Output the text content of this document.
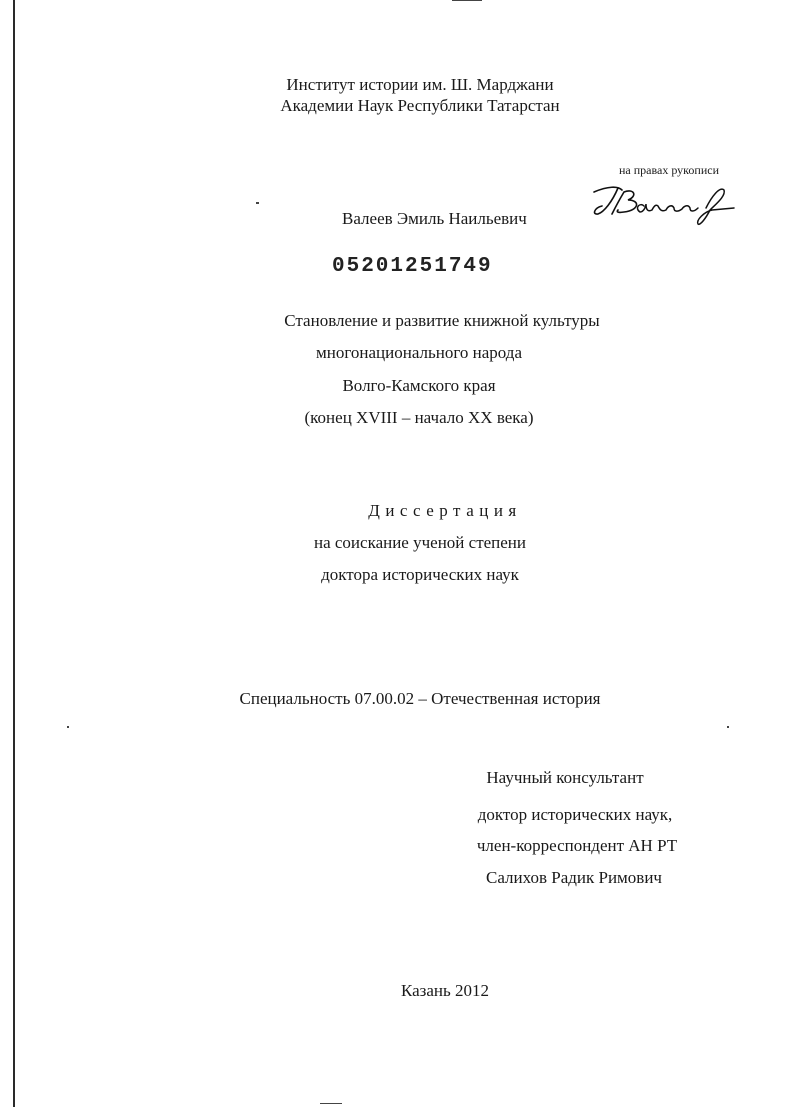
Институт истории им. Ш. Марджани
Академии Наук Республики Татарстан
на правах рукописи
Валеев Эмиль Наильевич
05201251749
Становление и развитие книжной культуры
многонационального народа
Волго-Камского края
(конец XVIII – начало XX века)
Диссертация
на соискание ученой степени
доктора исторических наук
Специальность 07.00.02 – Отечественная история
Научный консультант
доктор исторических наук,
член-корреспондент АН РТ
Салихов Радик Римович
Казань 2012
